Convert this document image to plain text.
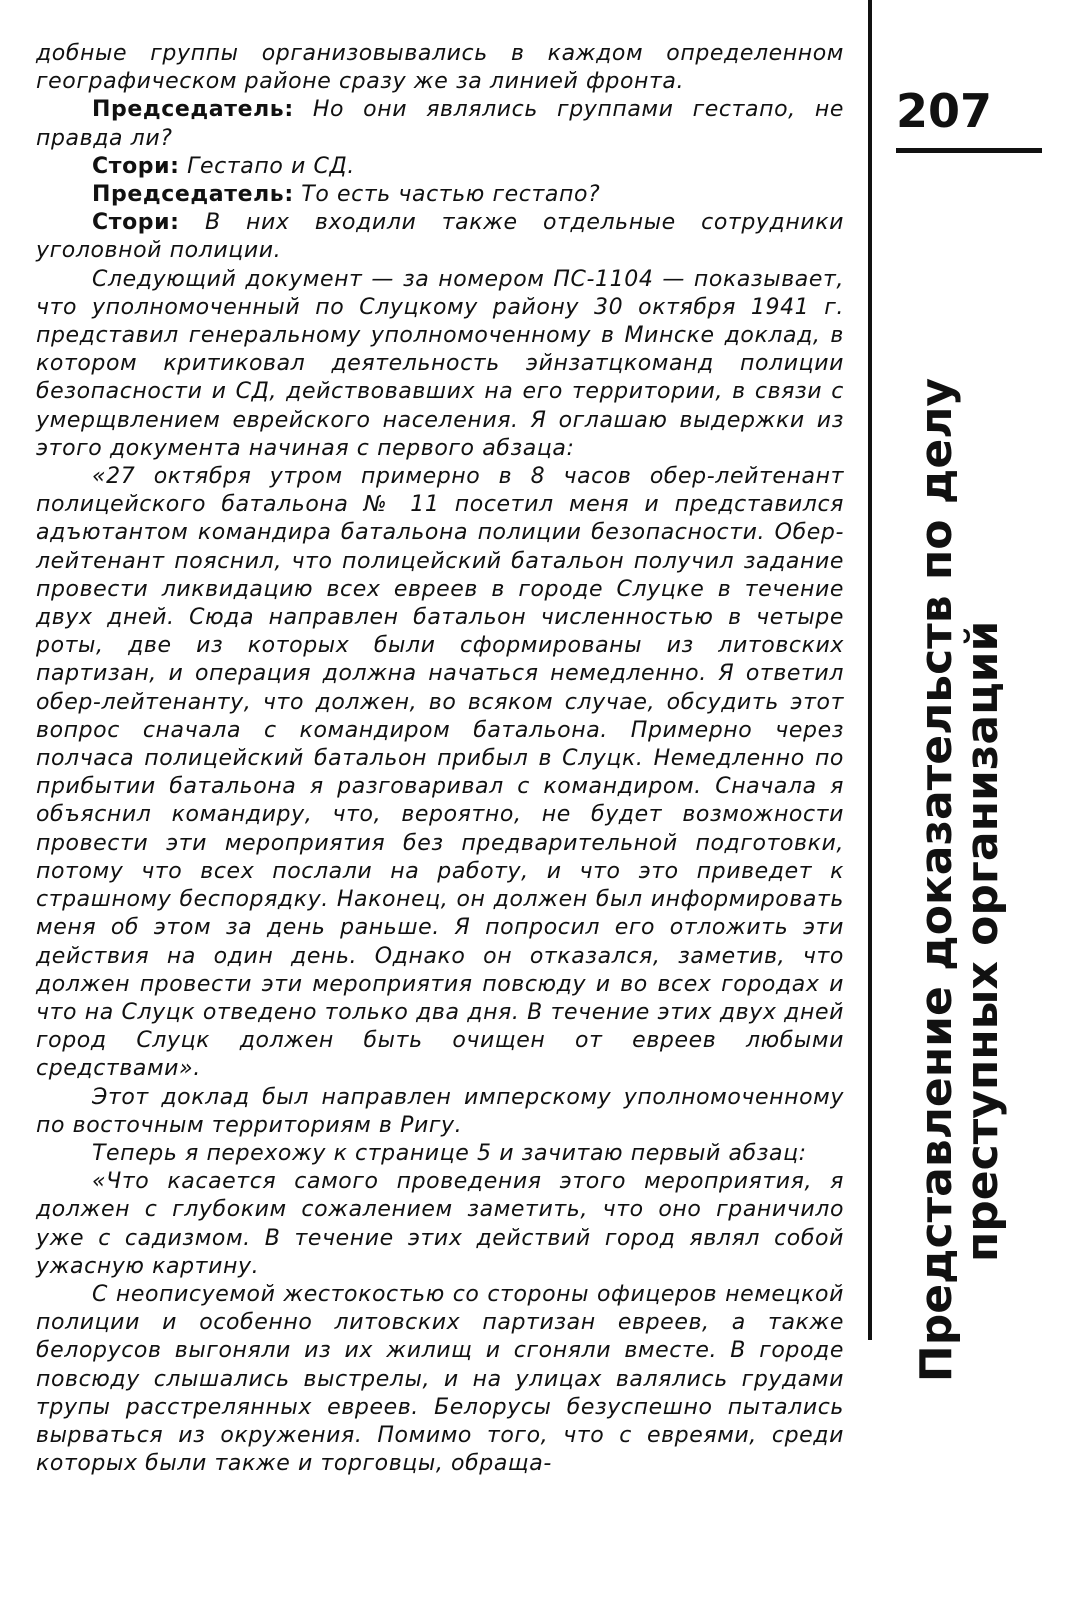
добные группы организовывались в каждом определенном географическом районе сразу же за линией фронта.

Председатель: Но они являлись группами гестапо, не правда ли?

Стори: Гестапо и СД.

Председатель: То есть частью гестапо?

Стори: В них входили также отдельные сотрудники уголовной полиции.

Следующий документ — за номером ПС-1104 — показывает, что уполномоченный по Слуцкому району 30 октября 1941 г. представил генеральному уполномоченному в Минске доклад, в котором критиковал деятельность эйнзатцкоманд полиции безопасности и СД, действовавших на его территории, в связи с умерщвлением еврейского населения. Я оглашаю выдержки из этого документа начиная с первого абзаца:

«27 октября утром примерно в 8 часов обер-лейтенант полицейского батальона № 11 посетил меня и представился адъютантом командира батальона полиции безопасности. Обер-лейтенант пояснил, что полицейский батальон получил задание провести ликвидацию всех евреев в городе Слуцке в течение двух дней. Сюда направлен батальон численностью в четыре роты, две из которых были сформированы из литовских партизан, и операция должна начаться немедленно. Я ответил обер-лейтенанту, что должен, во всяком случае, обсудить этот вопрос сначала с командиром батальона. Примерно через полчаса полицейский батальон прибыл в Слуцк. Немедленно по прибытии батальона я разговаривал с командиром. Сначала я объяснил командиру, что, вероятно, не будет возможности провести эти мероприятия без предварительной подготовки, потому что всех послали на работу, и что это приведет к страшному беспорядку. Наконец, он должен был информировать меня об этом за день раньше. Я попросил его отложить эти действия на один день. Однако он отказался, заметив, что должен провести эти мероприятия повсюду и во всех городах и что на Слуцк отведено только два дня. В течение этих двух дней город Слуцк должен быть очищен от евреев любыми средствами».

Этот доклад был направлен имперскому уполномоченному по восточным территориям в Ригу.

Теперь я перехожу к странице 5 и зачитаю первый абзац:

«Что касается самого проведения этого мероприятия, я должен с глубоким сожалением заметить, что оно граничило уже с садизмом. В течение этих действий город являл собой ужасную картину.

С неописуемой жестокостью со стороны офицеров немецкой полиции и особенно литовских партизан евреев, а также белорусов выгоняли из их жилищ и сгоняли вместе. В городе повсюду слышались выстрелы, и на улицах валялись грудами трупы расстрелянных евреев. Белорусы безуспешно пытались вырваться из окружения. Помимо того, что с евреями, среди которых были также и торговцы, обраща-

207
Представление доказательств по делу
преступных организаций
